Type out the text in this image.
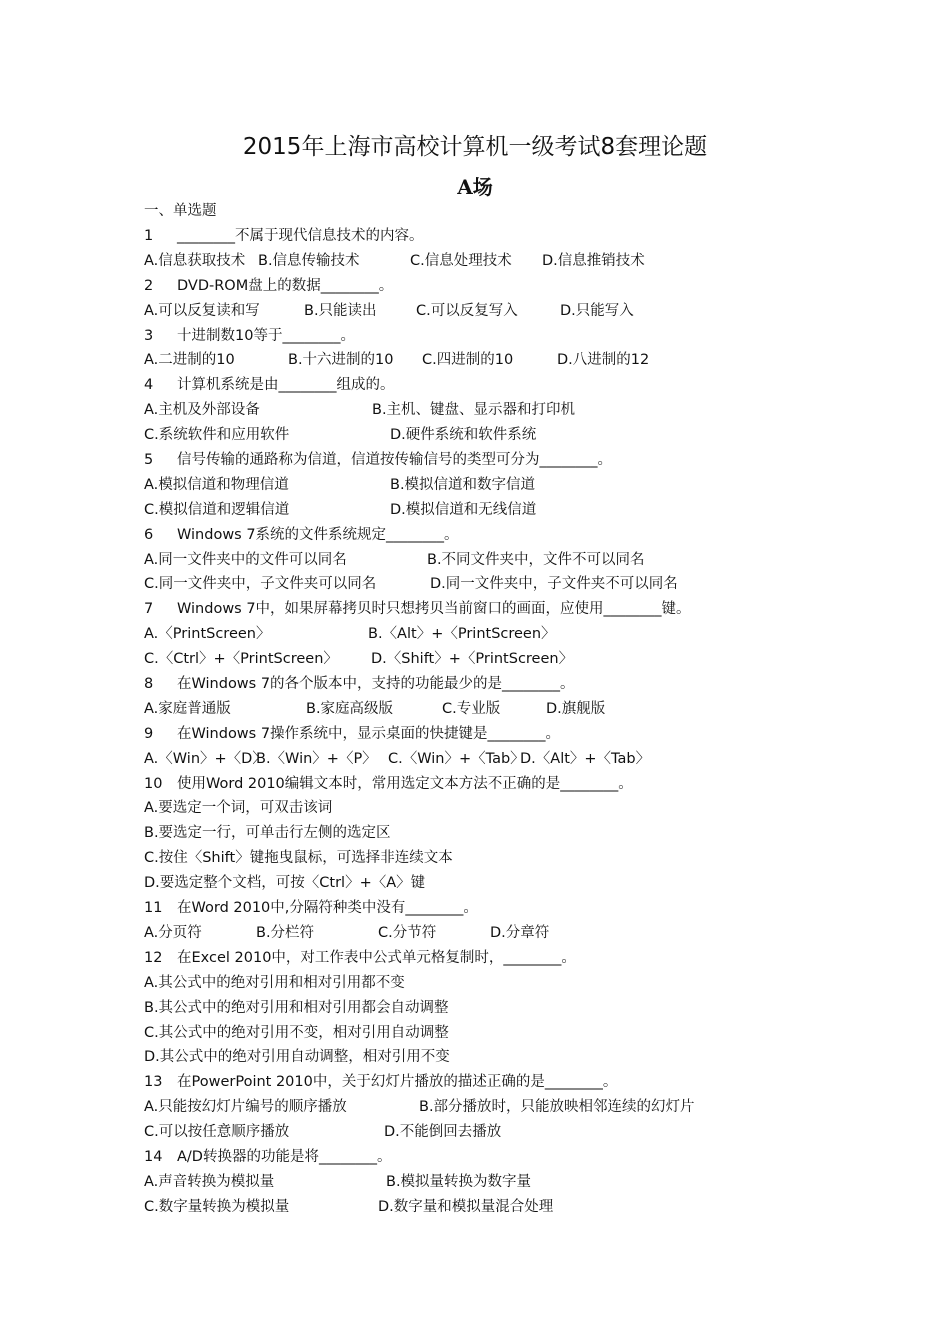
2015年上海市高校计算机一级考试8套理论题
A场
一、单选题
1 ________不属于现代信息技术的内容。
A.信息获取技术 B.信息传输技术	C.信息处理技术 D.信息推销技术
2 DVD-ROM盘上的数据________。
A.可以反复读和写	B.只能读出	C.可以反复写入	D.只能写入
3 十进制数10等于________。
A.二进制的10	B.十六进制的10 C.四进制的10	D.八进制的12
4 计算机系统是由________组成的。
A.主机及外部设备	B.主机、键盘、显示器和打印机
C.系统软件和应用软件	D.硬件系统和软件系统
5 信号传输的通路称为信道，信道按传输信号的类型可分为________。
A.模拟信道和物理信道	B.模拟信道和数字信道
C.模拟信道和逻辑信道	D.模拟信道和无线信道
6 Windows 7系统的文件系统规定________。
A.同一文件夹中的文件可以同名	B.不同文件夹中，文件不可以同名
C.同一文件夹中，子文件夹可以同名	D.同一文件夹中，子文件夹不可以同名
7 Windows 7中，如果屏幕拷贝时只想拷贝当前窗口的画面，应使用________键。
A.〈PrintScreen〉	B.〈Alt〉+〈PrintScreen〉
C.〈Ctrl〉+〈PrintScreen〉 D.〈Shift〉+〈PrintScreen〉
8 在Windows 7的各个版本中，支持的功能最少的是________。
A.家庭普通版	B.家庭高级版	C.专业版	D.旗舰版
9 在Windows 7操作系统中，显示桌面的快捷键是________。
A.〈Win〉+〈D〉
B.〈Win〉+〈P〉 C.〈Win〉+〈Tab〉
D.〈Alt〉+〈Tab〉
10 使用Word 2010编辑文本时，常用选定文本方法不正确的是________。
A.要选定一个词，可双击该词
B.要选定一行，可单击行左侧的选定区
C.按住〈Shift〉键拖曳鼠标，可选择非连续文本
D.要选定整个文档，可按〈Ctrl〉+〈A〉键
11 在Word 2010中,分隔符种类中没有________。
A.分页符	B.分栏符	C.分节符	D.分章符
12 在Excel 2010中，对工作表中公式单元格复制时，________。
A.其公式中的绝对引用和相对引用都不变
B.其公式中的绝对引用和相对引用都会自动调整
C.其公式中的绝对引用不变，相对引用自动调整
D.其公式中的绝对引用自动调整，相对引用不变
13 在PowerPoint 2010中，关于幻灯片播放的描述正确的是________。
A.只能按幻灯片编号的顺序播放	B.部分播放时，只能放映相邻连续的幻灯片
C.可以按任意顺序播放	D.不能倒回去播放
14 A/D转换器的功能是将________。
A.声音转换为模拟量	B.模拟量转换为数字量
C.数字量转换为模拟量	D.数字量和模拟量混合处理
